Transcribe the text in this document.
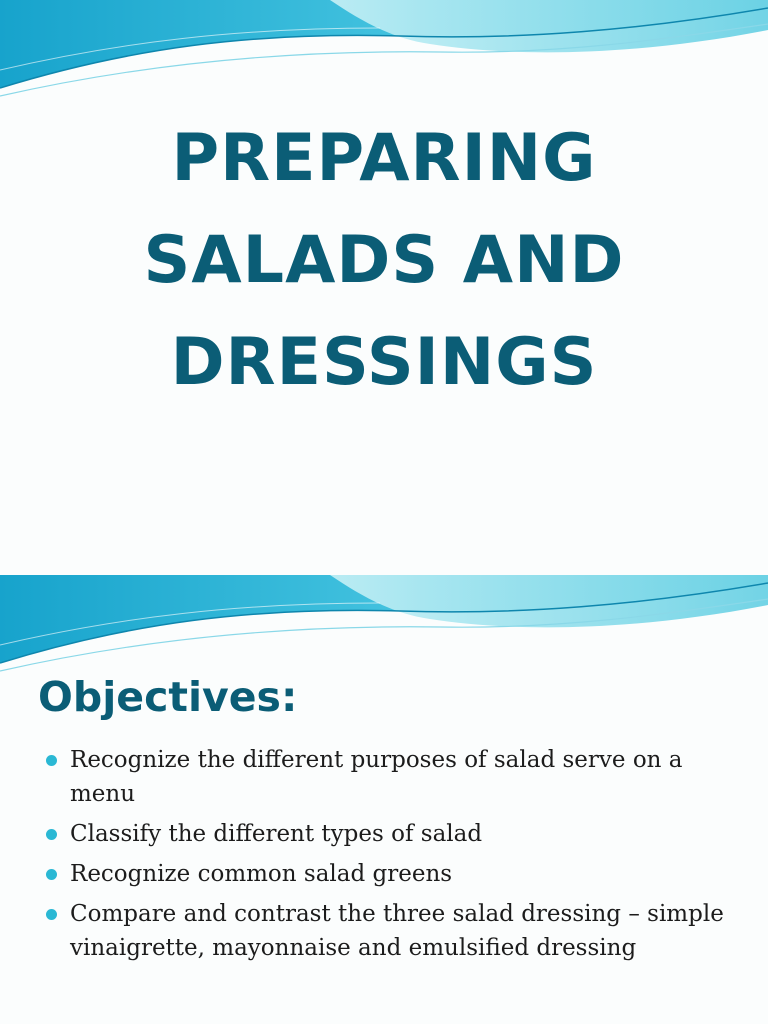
PREPARING
SALADS AND
DRESSINGS
Objectives:
Recognize the different purposes of salad serve on a menu
Classify the different types of salad
Recognize common salad greens
Compare and contrast the three salad dressing – simple vinaigrette, mayonnaise and emulsified dressing
